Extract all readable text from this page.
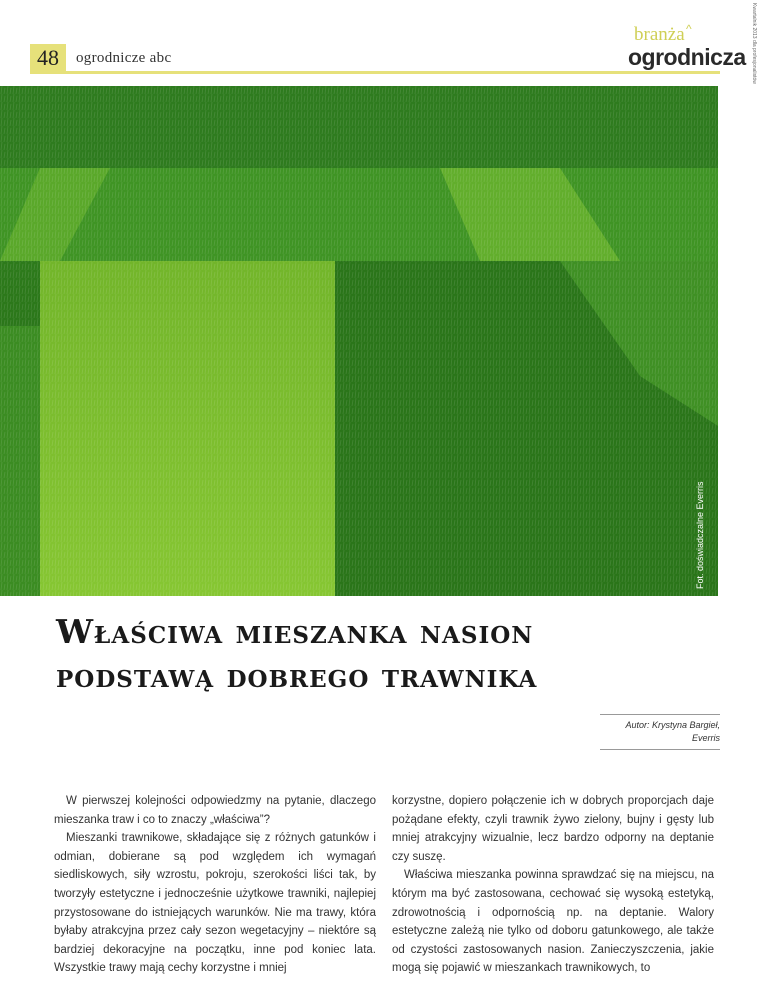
48	ogrodnicze abc
branża ^
ogrodnicza Kwartalnik 2013 dla profesjonalistów
Fot. doświadczalne Everris
Właściwa mieszanka nasion
podstawą dobrego trawnika
Autor: Krystyna Bargieł,
Everris

W pierwszej kolejności odpowiedzmy na pytanie, dlaczego mieszanka traw i co to znaczy „właściwa”?

Mieszanki trawnikowe, składające się z różnych gatunków i odmian, dobierane są pod względem ich wymagań siedliskowych, siły wzrostu, pokroju, szerokości liści tak, by tworzyły estetyczne i jednocześnie użytkowe trawniki, najlepiej przystosowane do istniejących warunków. Nie ma trawy, która byłaby atrakcyjna przez cały sezon wegetacyjny – niektóre są bardziej dekoracyjne na początku, inne pod koniec lata. Wszystkie trawy mają cechy korzystne i mniej

korzystne, dopiero połączenie ich w dobrych proporcjach daje pożądane efekty, czyli trawnik żywo zielony, bujny i gęsty lub mniej atrakcyjny wizualnie, lecz bardzo odporny na deptanie czy suszę.

Właściwa mieszanka powinna sprawdzać się na miejscu, na którym ma być zastosowana, cechować się wysoką estetyką, zdrowotnością i odpornością np. na deptanie. Walory estetyczne zależą nie tylko od doboru gatunkowego, ale także od czystości zastosowanych nasion. Zanieczyszczenia, jakie mogą się pojawić w mieszankach trawnikowych, to
